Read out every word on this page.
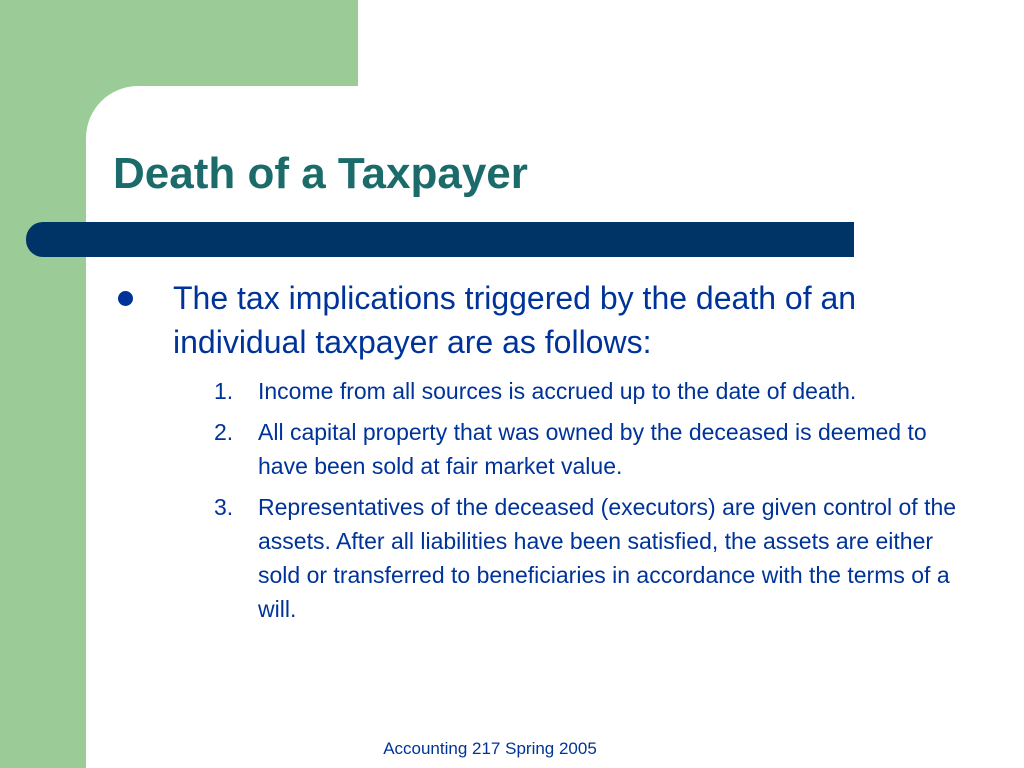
Death of a Taxpayer

The tax implications triggered by the death of an individual taxpayer are as follows:

1.	Income from all sources is accrued up to the date of death.
2.	All capital property that was owned by the deceased is deemed to have been sold at fair market value.
3.	Representatives of the deceased (executors) are given control of the assets. After all liabilities have been satisfied, the assets are either sold or transferred to beneficiaries in accordance with the terms of a will.
Accounting 217 Spring 2005
